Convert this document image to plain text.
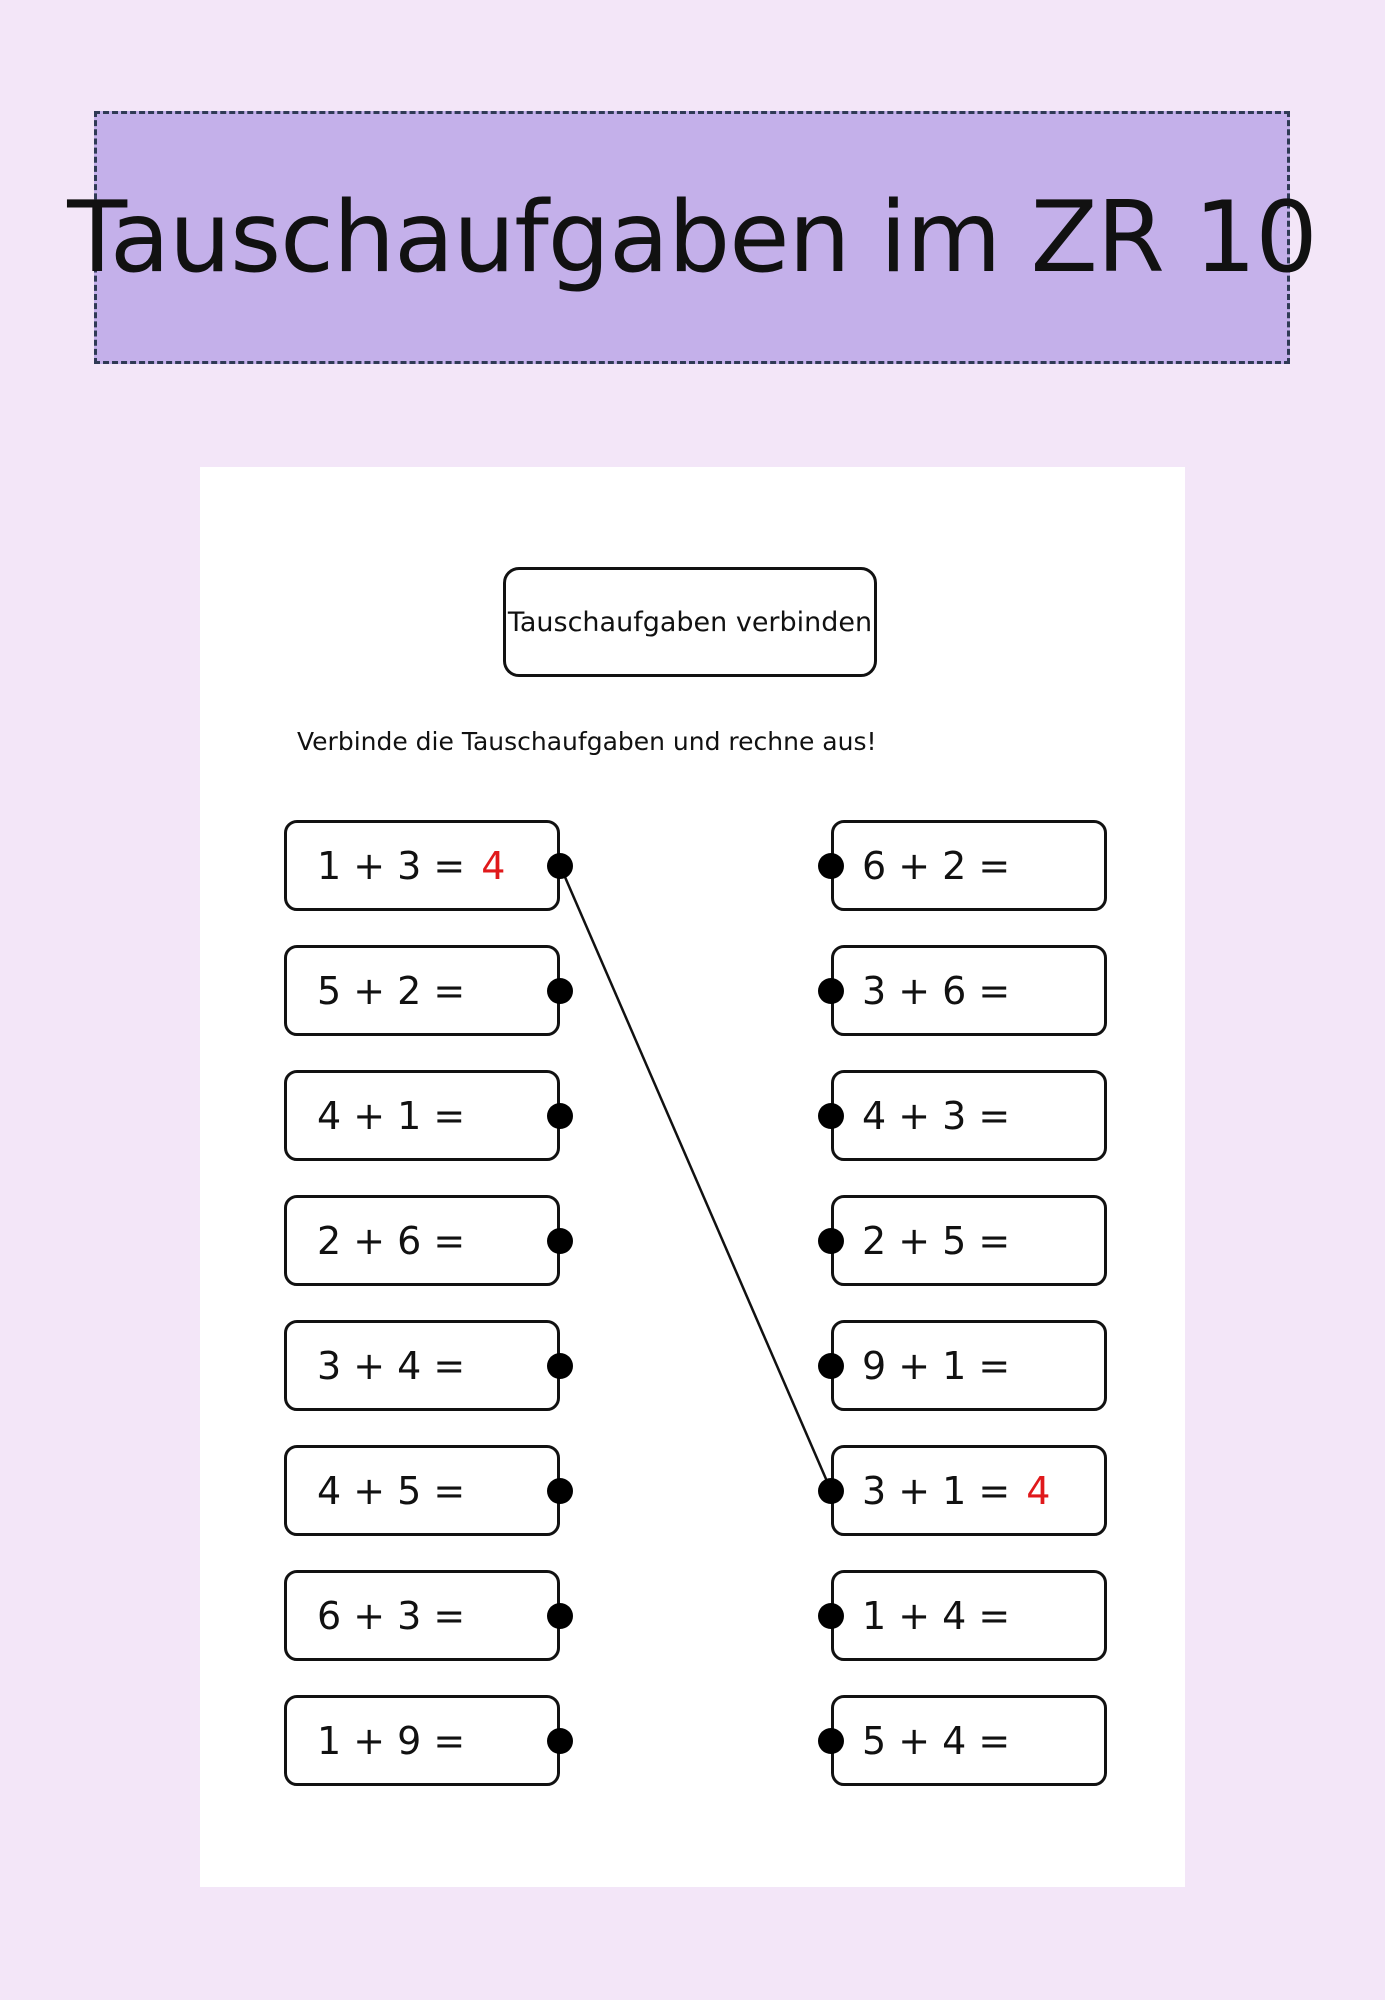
Tauschaufgaben im ZR 10
Tauschaufgaben verbinden
Verbinde die Tauschaufgaben und rechne aus!
1 + 3 = 4
5 + 2 =
4 + 1 =
2 + 6 =
3 + 4 =
4 + 5 =
6 + 3 =
1 + 9 =
6 + 2 =
3 + 6 =
4 + 3 =
2 + 5 =
9 + 1 =
3 + 1 = 4
1 + 4 =
5 + 4 =
